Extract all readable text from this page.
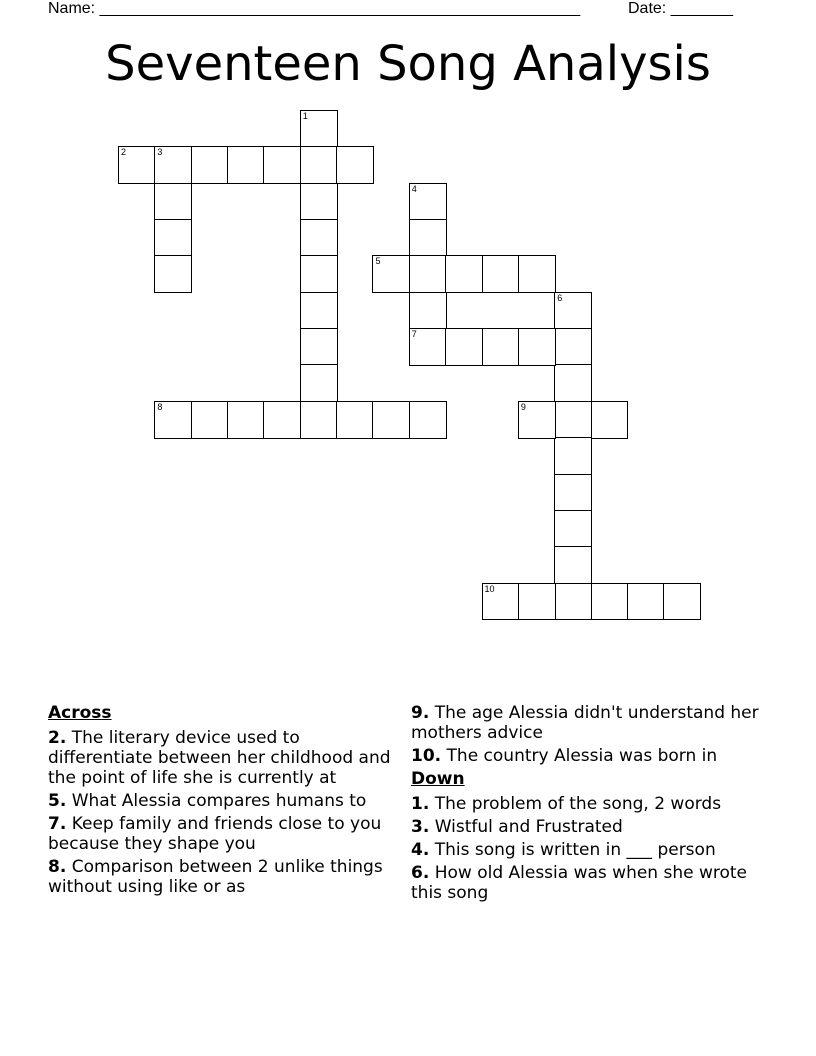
Name: ______________________________________________________	Date: _______
Seventeen Song Analysis
1
2	3
4
7
5
6
8	9
10
Across
2. The literary device used to differentiate between her childhood and the point of life she is currently at
5. What Alessia compares humans to
7. Keep family and friends close to you because they shape you
8. Comparison between 2 unlike things without using like or as
9. The age Alessia didn't understand her mothers advice
10. The country Alessia was born in
Down
1. The problem of the song, 2 words
3. Wistful and Frustrated
4. This song is written in ___ person
6. How old Alessia was when she wrote this song
